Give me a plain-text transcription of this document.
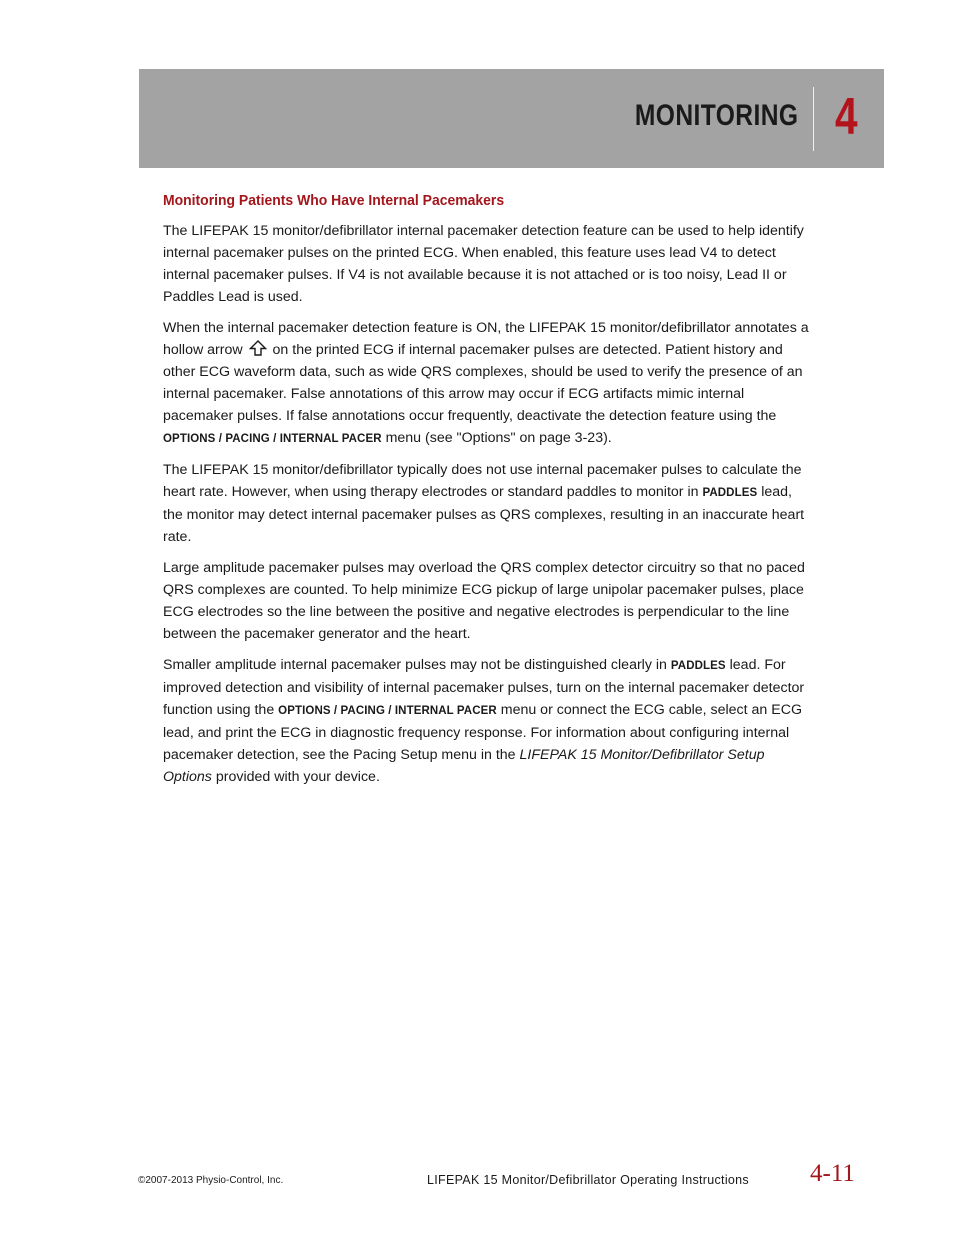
MONITORING 4
Monitoring Patients Who Have Internal Pacemakers

The LIFEPAK 15 monitor/defibrillator internal pacemaker detection feature can be used to help identify internal pacemaker pulses on the printed ECG. When enabled, this feature uses lead V4 to detect internal pacemaker pulses. If V4 is not available because it is not attached or is too noisy, Lead II or Paddles Lead is used.

When the internal pacemaker detection feature is ON, the LIFEPAK 15 monitor/defibrillator annotates a hollow arrow on the printed ECG if internal pacemaker pulses are detected. Patient history and other ECG waveform data, such as wide QRS complexes, should be used to verify the presence of an internal pacemaker. False annotations of this arrow may occur if ECG artifacts mimic internal pacemaker pulses. If false annotations occur frequently, deactivate the detection feature using the OPTIONS / PACING / INTERNAL PACER menu (see "Options" on page 3-23).

The LIFEPAK 15 monitor/defibrillator typically does not use internal pacemaker pulses to calculate the heart rate. However, when using therapy electrodes or standard paddles to monitor in PADDLES lead, the monitor may detect internal pacemaker pulses as QRS complexes, resulting in an inaccurate heart rate.

Large amplitude pacemaker pulses may overload the QRS complex detector circuitry so that no paced QRS complexes are counted. To help minimize ECG pickup of large unipolar pacemaker pulses, place ECG electrodes so the line between the positive and negative electrodes is perpendicular to the line between the pacemaker generator and the heart.

Smaller amplitude internal pacemaker pulses may not be distinguished clearly in PADDLES lead. For improved detection and visibility of internal pacemaker pulses, turn on the internal pacemaker detector function using the OPTIONS / PACING / INTERNAL PACER menu or connect the ECG cable, select an ECG lead, and print the ECG in diagnostic frequency response. For information about configuring internal pacemaker detection, see the Pacing Setup menu in the LIFEPAK 15 Monitor/Defibrillator Setup Options provided with your device.

©2007-2013 Physio-Control, Inc.	LIFEPAK 15 Monitor/Defibrillator Operating Instructions 4-11
